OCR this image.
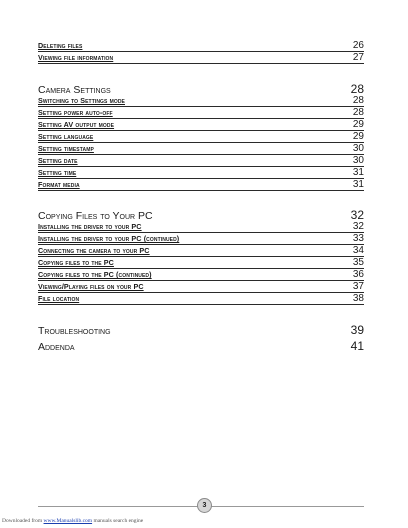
Deleting files	26
Viewing file information	27
Camera Settings	28
Switching to Settings mode	28
Setting power auto-off	28
Setting AV output mode	29
Setting language	29
Setting timestamp	30
Setting date	30
Setting time	31
Format media	31
Copying Files to Your PC	32
Installing the driver to your PC	32
Installing the driver to your PC (continued)	33
Connecting the camera to your PC	34
Copying files to the PC	35
Copying files to the PC (continued)	36
Viewing/Playing files on your PC	37
File location	38
Troubleshooting	39
Addenda	41
3
Downloaded from www.Manualslib.com manuals search engine
